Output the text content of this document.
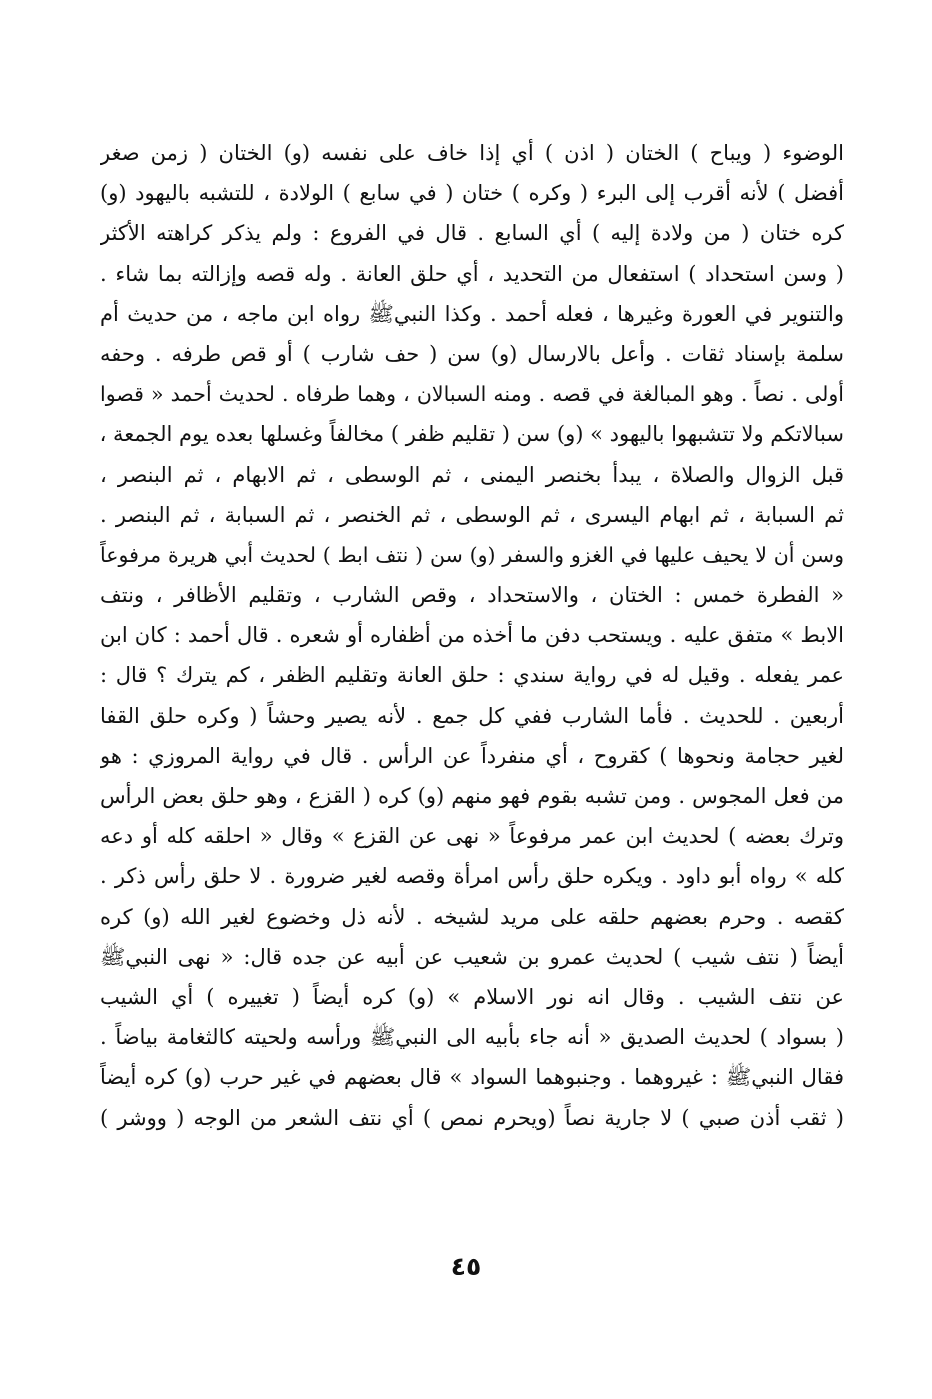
الوضوء ( ويباح ) الختان ( اذن ) أي إذا خاف على نفسه (و) الختان ( زمن صغر
أفضل ) لأنه أقرب إلى البرء ( وكره ) ختان ( في سابع ) الولادة ، للتشبه باليهود (و)
كره ختان ( من ولادة إليه ) أي السابع . قال في الفروع : ولم يذكر كراهته الأكثر
( وسن استحداد ) استفعال من التحديد ، أي حلق العانة . وله قصه وإزالته بما شاء .
والتنوير في العورة وغيرها ، فعله أحمد . وكذا النبيﷺ رواه ابن ماجه ، من حديث أم
سلمة بإسناد ثقات . وأعل بالارسال (و) سن ( حف شارب ) أو قص طرفه . وحفه
أولى . نصاً . وهو المبالغة في قصه . ومنه السبالان ، وهما طرفاه . لحديث أحمد « قصوا
سبالاتكم ولا تتشبهوا باليهود » (و) سن ( تقليم ظفر ) مخالفاً وغسلها بعده يوم الجمعة ،
قبل الزوال والصلاة ، يبدأ بخنصر اليمنى ، ثم الوسطى ، ثم الابهام ، ثم البنصر ،
ثم السبابة ، ثم ابهام اليسرى ، ثم الوسطى ، ثم الخنصر ، ثم السبابة ، ثم البنصر .
وسن أن لا يحيف عليها في الغزو والسفر (و) سن ( نتف ابط ) لحديث أبي هريرة مرفوعاً
« الفطرة خمس : الختان ، والاستحداد ، وقص الشارب ، وتقليم الأظافر ، ونتف
الابط » متفق عليه . ويستحب دفن ما أخذه من أظفاره أو شعره . قال أحمد : كان ابن
عمر يفعله . وقيل له في رواية سندي : حلق العانة وتقليم الظفر ، كم يترك ؟ قال :
أربعين . للحديث . فأما الشارب ففي كل جمع . لأنه يصير وحشاً ( وكره حلق القفا
لغير حجامة ونحوها ) كقروح ، أي منفرداً عن الرأس . قال في رواية المروزي : هو
من فعل المجوس . ومن تشبه بقوم فهو منهم (و) كره ( القزع ، وهو حلق بعض الرأس
وترك بعضه ) لحديث ابن عمر مرفوعاً « نهى عن القزع » وقال « احلقه كله أو دعه
كله » رواه أبو داود . ويكره حلق رأس امرأة وقصه لغير ضرورة . لا حلق رأس ذكر .
كقصه . وحرم بعضهم حلقه على مريد لشيخه . لأنه ذل وخضوع لغير الله (و) كره
أيضاً ( نتف شيب ) لحديث عمرو بن شعيب عن أبيه عن جده قال: « نهى النبيﷺ
عن نتف الشيب . وقال انه نور الاسلام » (و) كره أيضاً ( تغييره ) أي الشيب
( بسواد ) لحديث الصديق « أنه جاء بأبيه الى النبيﷺ ورأسه ولحيته كالثغامة بياضاً .
فقال النبيﷺ : غيروهما . وجنبوهما السواد » قال بعضهم في غير حرب (و) كره أيضاً
( ثقب أذن صبي ) لا جارية نصاً (ويحرم نمص ) أي نتف الشعر من الوجه ( ووشر )
٤٥
